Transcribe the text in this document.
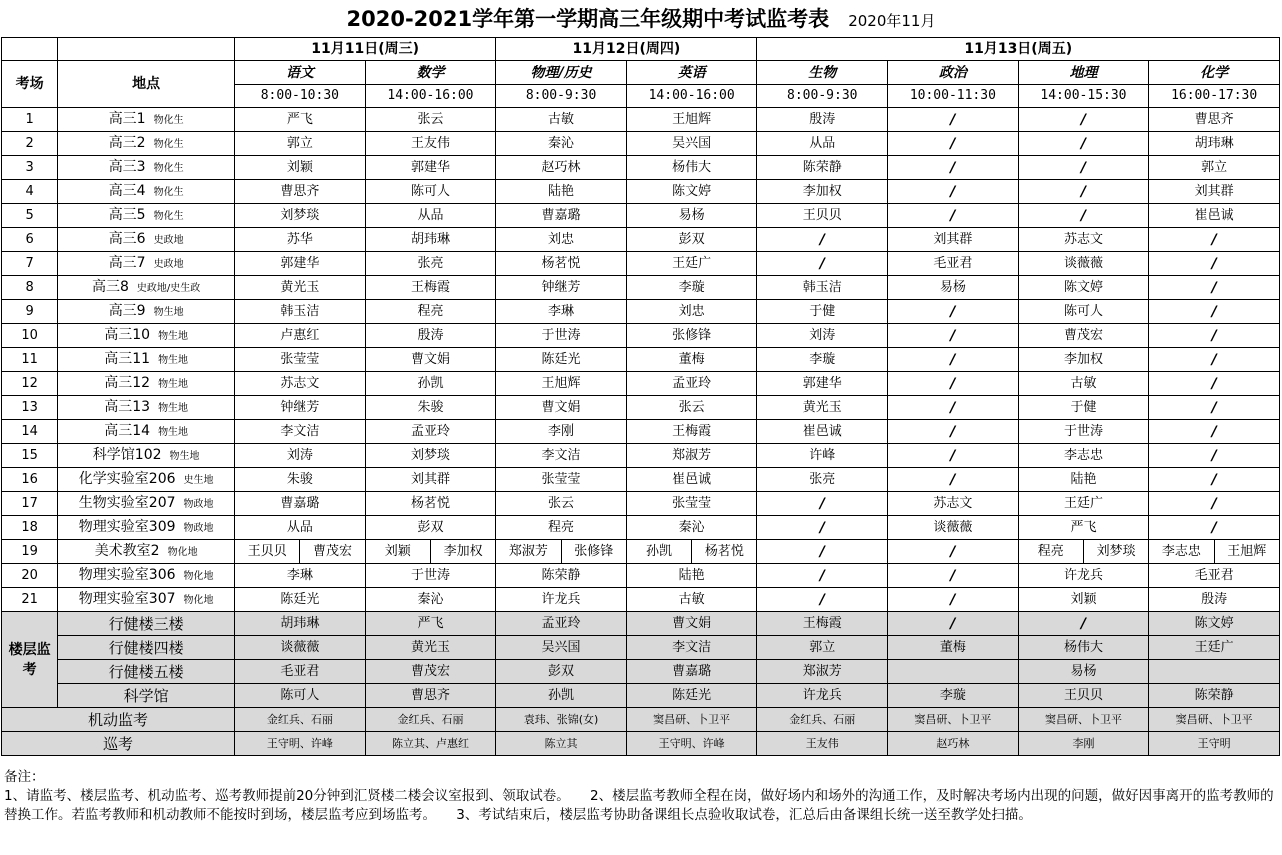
2020-2021学年第一学期高三年级期中考试监考表 2020年11月
		11月11日(周三)		11月12日(周四)		11月13日(周五)			
考场	地点	语文	数学	物理/历史	英语	生物	政治	地理	化学
		8:00-10:30	14:00-16:00	8:00-9:30	14:00-16:00	8:00-9:30	10:00-11:30	14:00-15:30	16:00-17:30
1	高三1 物化生	严飞	张云	古敏	王旭辉	殷涛	/	/	曹思齐
2	高三2 物化生	郭立	王友伟	秦沁	吴兴国	从品	/	/	胡玮琳
3	高三3 物化生	刘颖	郭建华	赵巧林	杨伟大	陈荣静	/	/	郭立
4	高三4 物化生	曹思齐	陈可人	陆艳	陈文婷	李加权	/	/	刘其群
5	高三5 物化生	刘梦琰	从品	曹嘉璐	易杨	王贝贝	/	/	崔邑诚
6	高三6 史政地	苏华	胡玮琳	刘忠	彭双	/	刘其群	苏志文	/
7	高三7 史政地	郭建华	张亮	杨茗悦	王廷广	/	毛亚君	谈薇薇	/
8	高三8 史政地/史生政	黄光玉	王梅霞	钟继芳	李璇	韩玉洁	易杨	陈文婷	/
9	高三9 物生地	韩玉洁	程亮	李琳	刘忠	于健	/	陈可人	/
10	高三10 物生地	卢惠红	殷涛	于世涛	张修锋	刘涛	/	曹茂宏	/
11	高三11 物生地	张莹莹	曹文娟	陈廷光	董梅	李璇	/	李加权	/
12	高三12 物生地	苏志文	孙凯	王旭辉	孟亚玲	郭建华	/	古敏	/
13	高三13 物生地	钟继芳	朱骏	曹文娟	张云	黄光玉	/	于健	/
14	高三14 物生地	李文洁	孟亚玲	李刚	王梅霞	崔邑诚	/	于世涛	/
15	科学馆102 物生地	刘涛	刘梦琰	李文洁	郑淑芳	许峰	/	李志忠	/
16	化学实验室206 史生地	朱骏	刘其群	张莹莹	崔邑诚	张亮	/	陆艳	/
17	生物实验室207 物政地	曹嘉璐	杨茗悦	张云	张莹莹	/	苏志文	王廷广	/
18	物理实验室309 物政地	从品	彭双	程亮	秦沁	/	谈薇薇	严飞	/
19	美术教室2 物化地	王贝贝 曹茂宏	刘颖 李加权	郑淑芳 张修锋	孙凯 杨茗悦	/	/	程亮 刘梦琰	李志忠 王旭辉

20	物理实验室306 物化地	李琳	于世涛	陈荣静	陆艳	/	/	许龙兵	毛亚君
21	物理实验室307 物化地	陈廷光	秦沁	许龙兵	古敏	/	/	刘颖	殷涛
楼层监考	行健楼三楼	胡玮琳	严飞	孟亚玲	曹文娟	王梅霞	/	/	陈文婷
	行健楼四楼	谈薇薇	黄光玉	吴兴国	李文洁	郭立	董梅	杨伟大	王廷广
	行健楼五楼	毛亚君	曹茂宏	彭双	曹嘉璐	郑淑芳		易杨	
	科学馆	陈可人	曹思齐	孙凯	陈廷光	许龙兵	李璇	王贝贝	陈荣静
机动监考		金红兵、石丽	金红兵、石丽	袁玮、张锦(女)	窦昌研、卜卫平	金红兵、石丽	窦昌研、卜卫平	窦昌研、卜卫平	窦昌研、卜卫平
巡考		王守明、许峰	陈立其、卢惠红	陈立其	王守明、许峰	王友伟	赵巧林	李刚	王守明
备注：
1、请监考、楼层监考、机动监考、巡考教师提前20分钟到汇贤楼二楼会议室报到、领取试卷。　　2、楼层监考教师全程在岗，做好场内和场外的沟通工作，及时解决考场内出现的问题，做好因事离开的监考教师的替换工作。若监考教师和机动教师不能按时到场，楼层监考应到场监考。　　3、考试结束后，楼层监考协助备课组长点验收取试卷，汇总后由备课组长统一送至教学处扫描。
